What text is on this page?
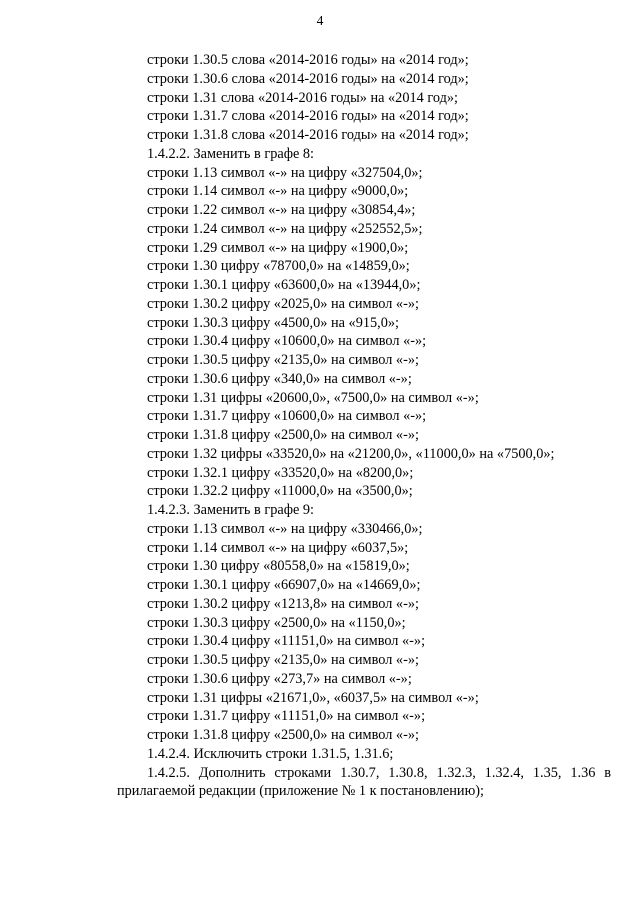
4
строки 1.30.5 слова «2014-2016 годы» на «2014 год»;
строки 1.30.6 слова «2014-2016 годы» на «2014 год»;
строки 1.31 слова «2014-2016 годы» на «2014 год»;
строки 1.31.7 слова «2014-2016 годы» на «2014 год»;
строки 1.31.8 слова «2014-2016 годы» на «2014 год»;
1.4.2.2. Заменить в графе 8:
строки 1.13 символ «-» на цифру «327504,0»;
строки 1.14 символ «-» на цифру «9000,0»;
строки 1.22 символ «-» на цифру «30854,4»;
строки 1.24 символ «-» на цифру «252552,5»;
строки 1.29 символ «-» на цифру «1900,0»;
строки 1.30 цифру «78700,0» на «14859,0»;
строки 1.30.1 цифру «63600,0» на «13944,0»;
строки 1.30.2 цифру «2025,0» на символ «-»;
строки 1.30.3 цифру «4500,0» на «915,0»;
строки 1.30.4 цифру «10600,0» на символ «-»;
строки 1.30.5 цифру «2135,0» на символ «-»;
строки 1.30.6 цифру «340,0» на символ «-»;
строки 1.31 цифры «20600,0», «7500,0» на символ «-»;
строки 1.31.7 цифру «10600,0» на символ «-»;
строки 1.31.8 цифру «2500,0» на символ «-»;
строки 1.32 цифры «33520,0» на «21200,0», «11000,0» на «7500,0»;
строки 1.32.1 цифру «33520,0» на «8200,0»;
строки 1.32.2 цифру «11000,0» на «3500,0»;
1.4.2.3. Заменить в графе 9:
строки 1.13 символ «-» на цифру «330466,0»;
строки 1.14 символ «-» на цифру «6037,5»;
строки 1.30 цифру «80558,0» на «15819,0»;
строки 1.30.1 цифру «66907,0» на «14669,0»;
строки 1.30.2 цифру «1213,8» на символ «-»;
строки 1.30.3 цифру «2500,0» на «1150,0»;
строки 1.30.4 цифру «11151,0» на символ «-»;
строки 1.30.5 цифру «2135,0» на символ «-»;
строки 1.30.6 цифру «273,7» на символ «-»;
строки 1.31 цифры «21671,0», «6037,5» на символ «-»;
строки 1.31.7 цифру «11151,0» на символ «-»;
строки 1.31.8 цифру «2500,0» на символ «-»;
1.4.2.4. Исключить строки 1.31.5, 1.31.6;
1.4.2.5. Дополнить строками 1.30.7, 1.30.8, 1.32.3, 1.32.4, 1.35, 1.36 в прилагаемой редакции (приложение № 1 к постановлению);
